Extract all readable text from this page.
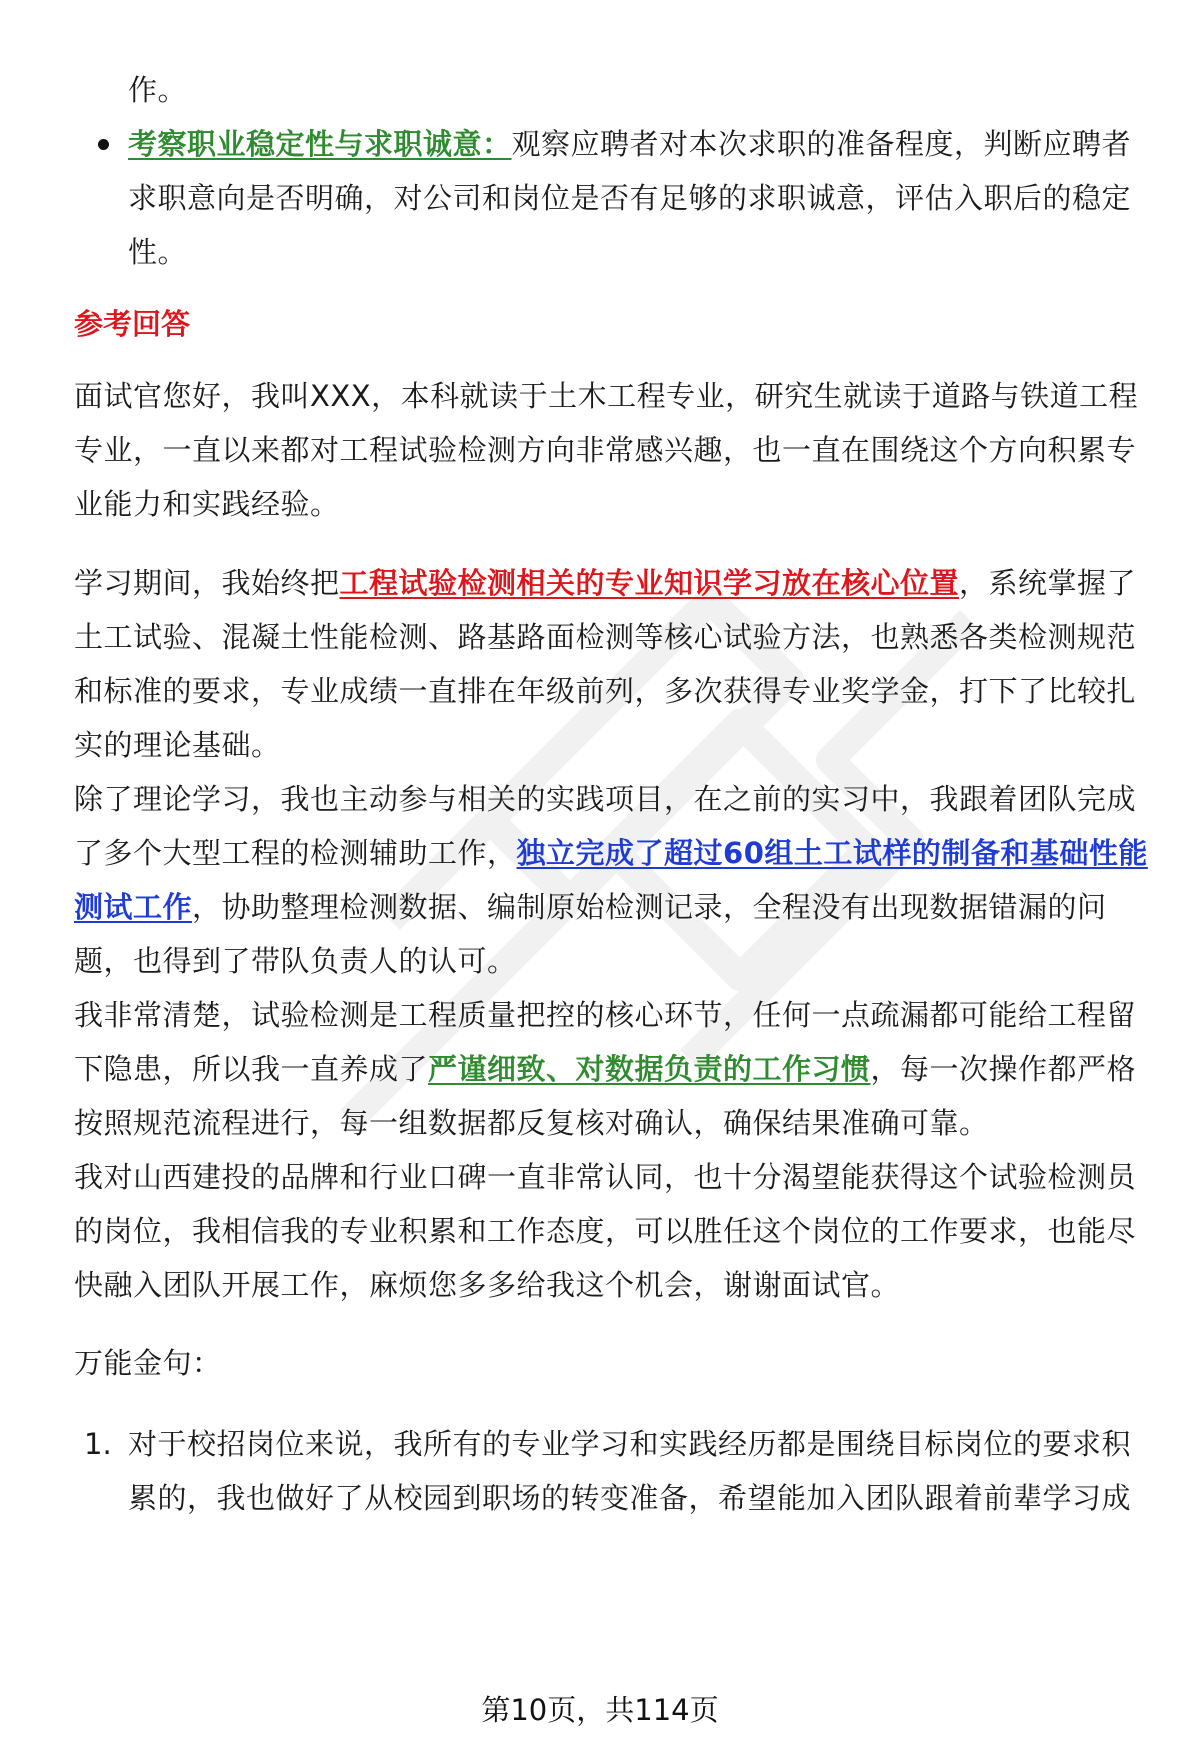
作。
考察职业稳定性与求职诚意：观察应聘者对本次求职的准备程度，判断应聘者
求职意向是否明确，对公司和岗位是否有足够的求职诚意，评估入职后的稳定
性。
参考回答
面试官您好，我叫XXX，本科就读于土木工程专业，研究生就读于道路与铁道工程
专业，一直以来都对工程试验检测方向非常感兴趣，也一直在围绕这个方向积累专
业能力和实践经验。
学习期间，我始终把工程试验检测相关的专业知识学习放在核心位置，系统掌握了
土工试验、混凝土性能检测、路基路面检测等核心试验方法，也熟悉各类检测规范
和标准的要求，专业成绩一直排在年级前列，多次获得专业奖学金，打下了比较扎
实的理论基础。
除了理论学习，我也主动参与相关的实践项目，在之前的实习中，我跟着团队完成
了多个大型工程的检测辅助工作，独立完成了超过60组土工试样的制备和基础性能
测试工作，协助整理检测数据、编制原始检测记录，全程没有出现数据错漏的问
题，也得到了带队负责人的认可。
我非常清楚，试验检测是工程质量把控的核心环节，任何一点疏漏都可能给工程留
下隐患，所以我一直养成了严谨细致、对数据负责的工作习惯，每一次操作都严格
按照规范流程进行，每一组数据都反复核对确认，确保结果准确可靠。
我对山西建投的品牌和行业口碑一直非常认同，也十分渴望能获得这个试验检测员
的岗位，我相信我的专业积累和工作态度，可以胜任这个岗位的工作要求，也能尽
快融入团队开展工作，麻烦您多多给我这个机会，谢谢面试官。
万能金句：
1. 对于校招岗位来说，我所有的专业学习和实践经历都是围绕目标岗位的要求积
累的，我也做好了从校园到职场的转变准备，希望能加入团队跟着前辈学习成
第10页，共114页
